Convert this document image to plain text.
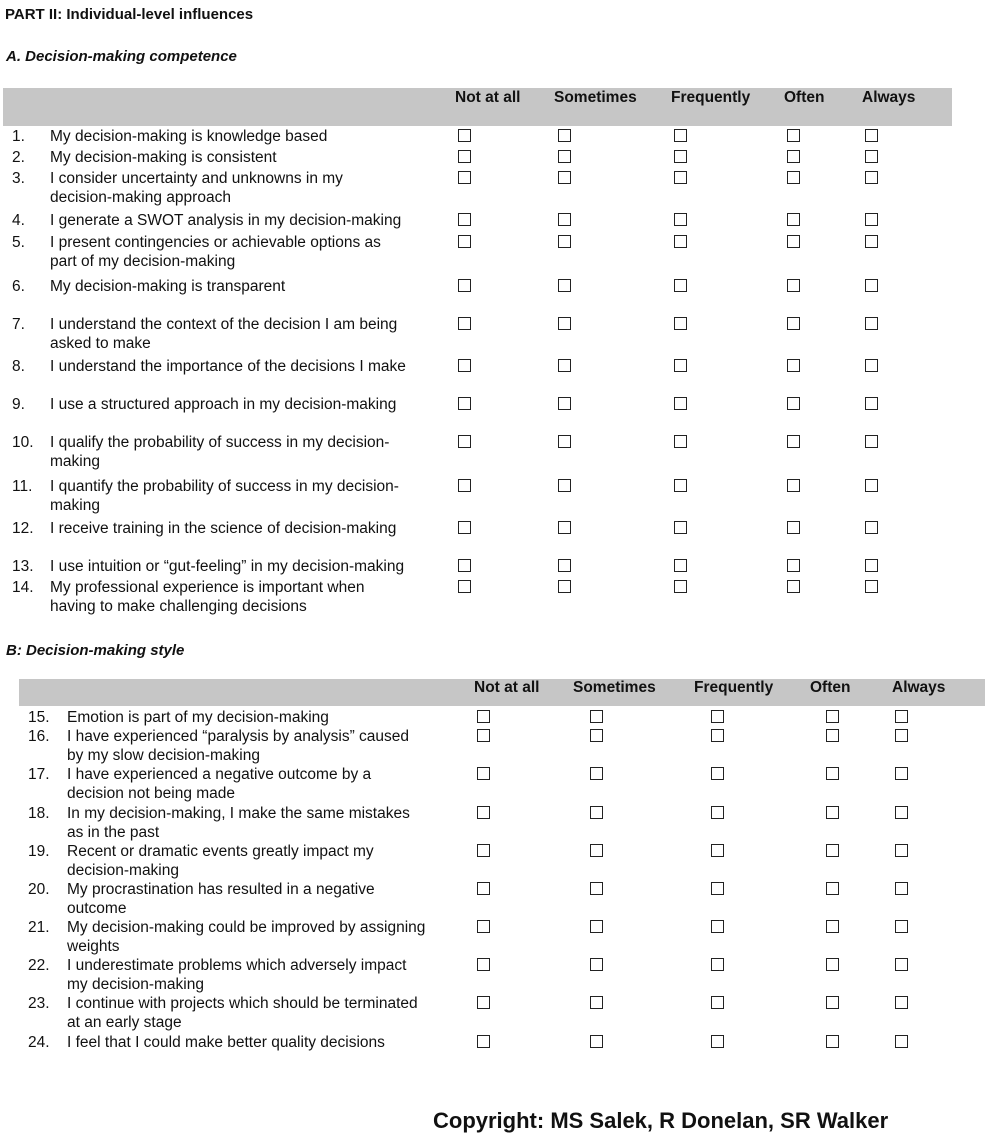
PART II: Individual-level influences
A. Decision-making competence
Not at all Sometimes Frequently Often Always
1. My decision-making is knowledge based
2. My decision-making is consistent
3. I consider uncertainty and unknowns in my
decision-making approach
4. I generate a SWOT analysis in my decision-making
5. I present contingencies or achievable options as
part of my decision-making
6. My decision-making is transparent
7. I understand the context of the decision I am being
asked to make
8. I understand the importance of the decisions I make
9. I use a structured approach in my decision-making
10. I qualify the probability of success in my decision-
making
11. I quantify the probability of success in my decision-
making
12. I receive training in the science of decision-making
13. I use intuition or “gut-feeling” in my decision-making
14. My professional experience is important when
having to make challenging decisions
B: Decision-making style
Not at all Sometimes Frequently Often	Always
15. Emotion is part of my decision-making
16. I have experienced “paralysis by analysis” caused
by my slow decision-making
17. I have experienced a negative outcome by a
decision not being made
18. In my decision-making, I make the same mistakes
as in the past
19. Recent or dramatic events greatly impact my
decision-making
20. My procrastination has resulted in a negative
outcome
21. My decision-making could be improved by assigning
weights
22. I underestimate problems which adversely impact
my decision-making
23. I continue with projects which should be terminated
at an early stage
24. I feel that I could make better quality decisions
Copyright: MS Salek, R Donelan, SR Walker
